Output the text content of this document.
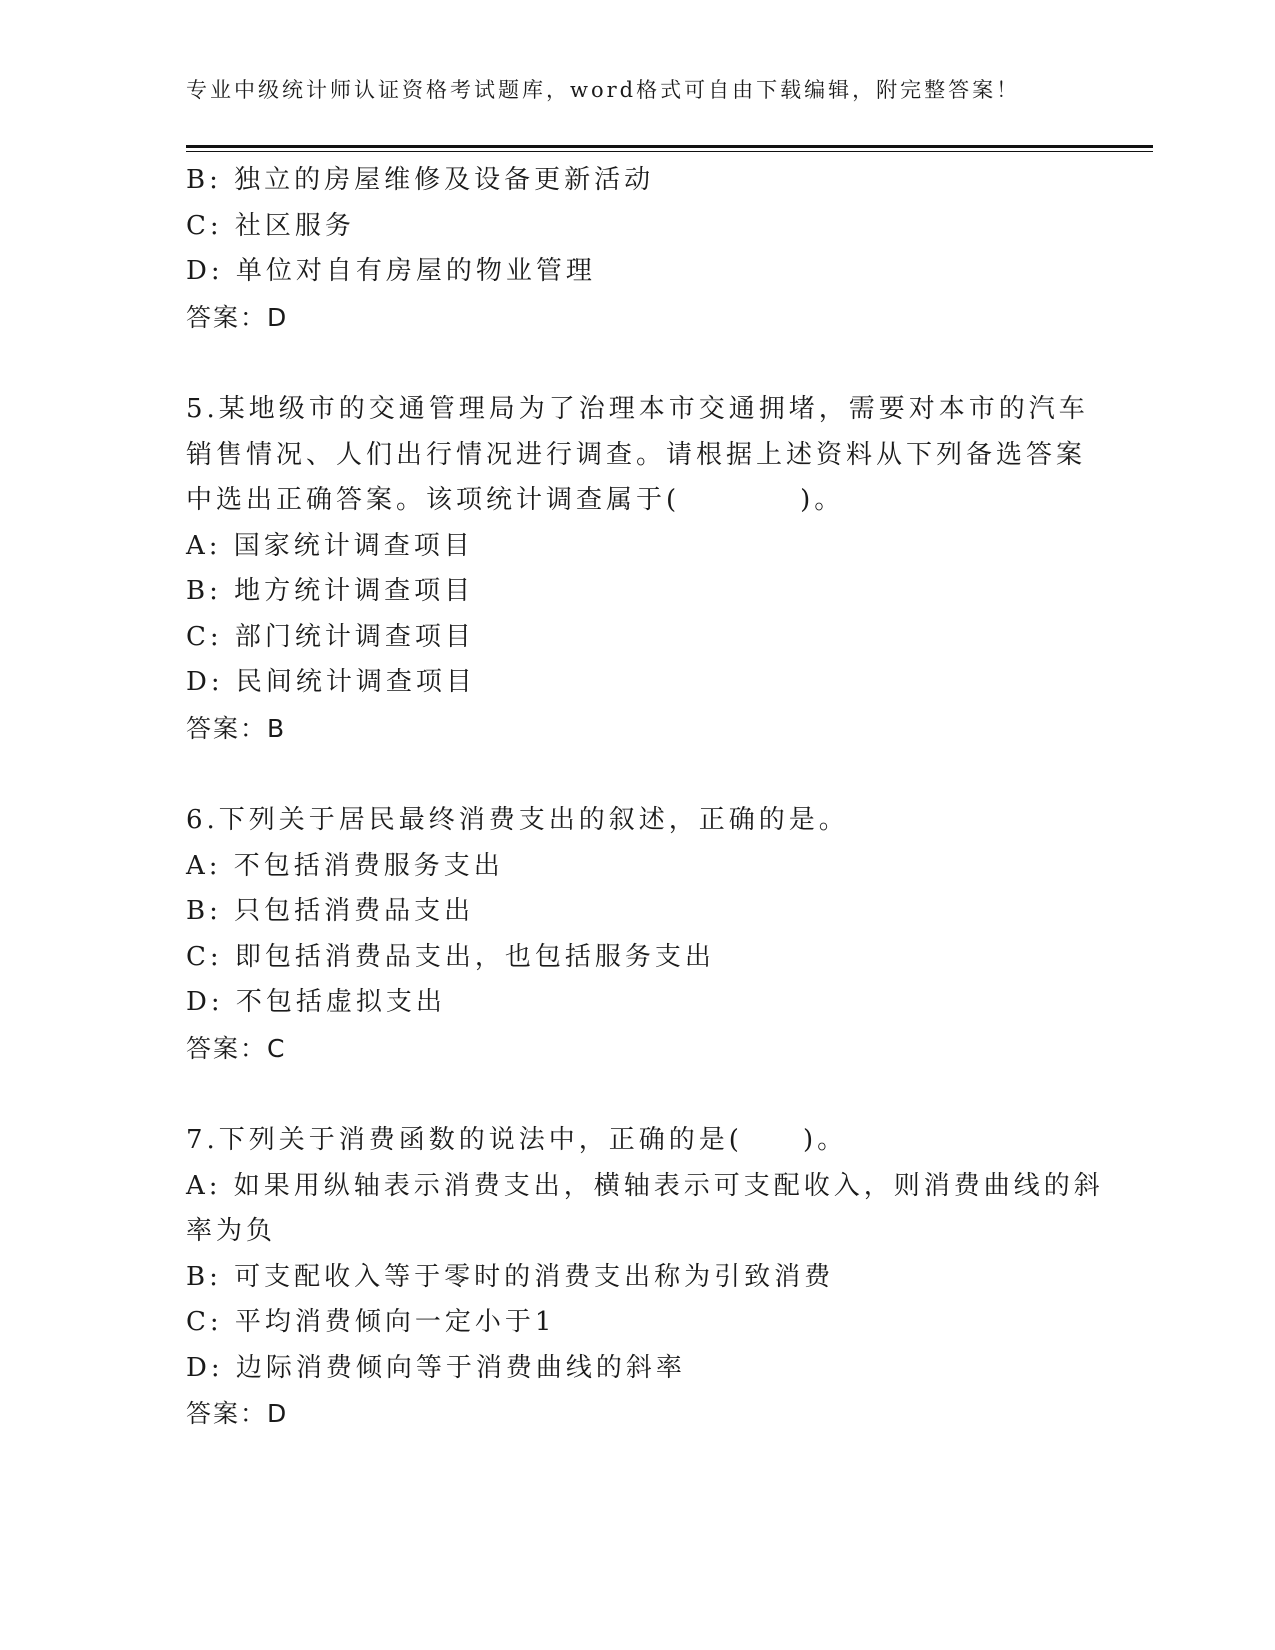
专业中级统计师认证资格考试题库，word格式可自由下载编辑，附完整答案！
B: 独立的房屋维修及设备更新活动
C: 社区服务
D: 单位对自有房屋的物业管理
答案：D
5.某地级市的交通管理局为了治理本市交通拥堵，需要对本市的汽车
销售情况、人们出行情况进行调查。请根据上述资料从下列备选答案
中选出正确答案。该项统计调查属于(　　　　)。
A: 国家统计调查项目
B: 地方统计调查项目
C: 部门统计调查项目
D: 民间统计调查项目
答案：B
6.下列关于居民最终消费支出的叙述，正确的是。
A: 不包括消费服务支出
B: 只包括消费品支出
C: 即包括消费品支出，也包括服务支出
D: 不包括虚拟支出
答案：C
7.下列关于消费函数的说法中，正确的是(　　)。
A: 如果用纵轴表示消费支出，横轴表示可支配收入，则消费曲线的斜
率为负
B: 可支配收入等于零时的消费支出称为引致消费
C: 平均消费倾向一定小于1
D: 边际消费倾向等于消费曲线的斜率
答案：D
